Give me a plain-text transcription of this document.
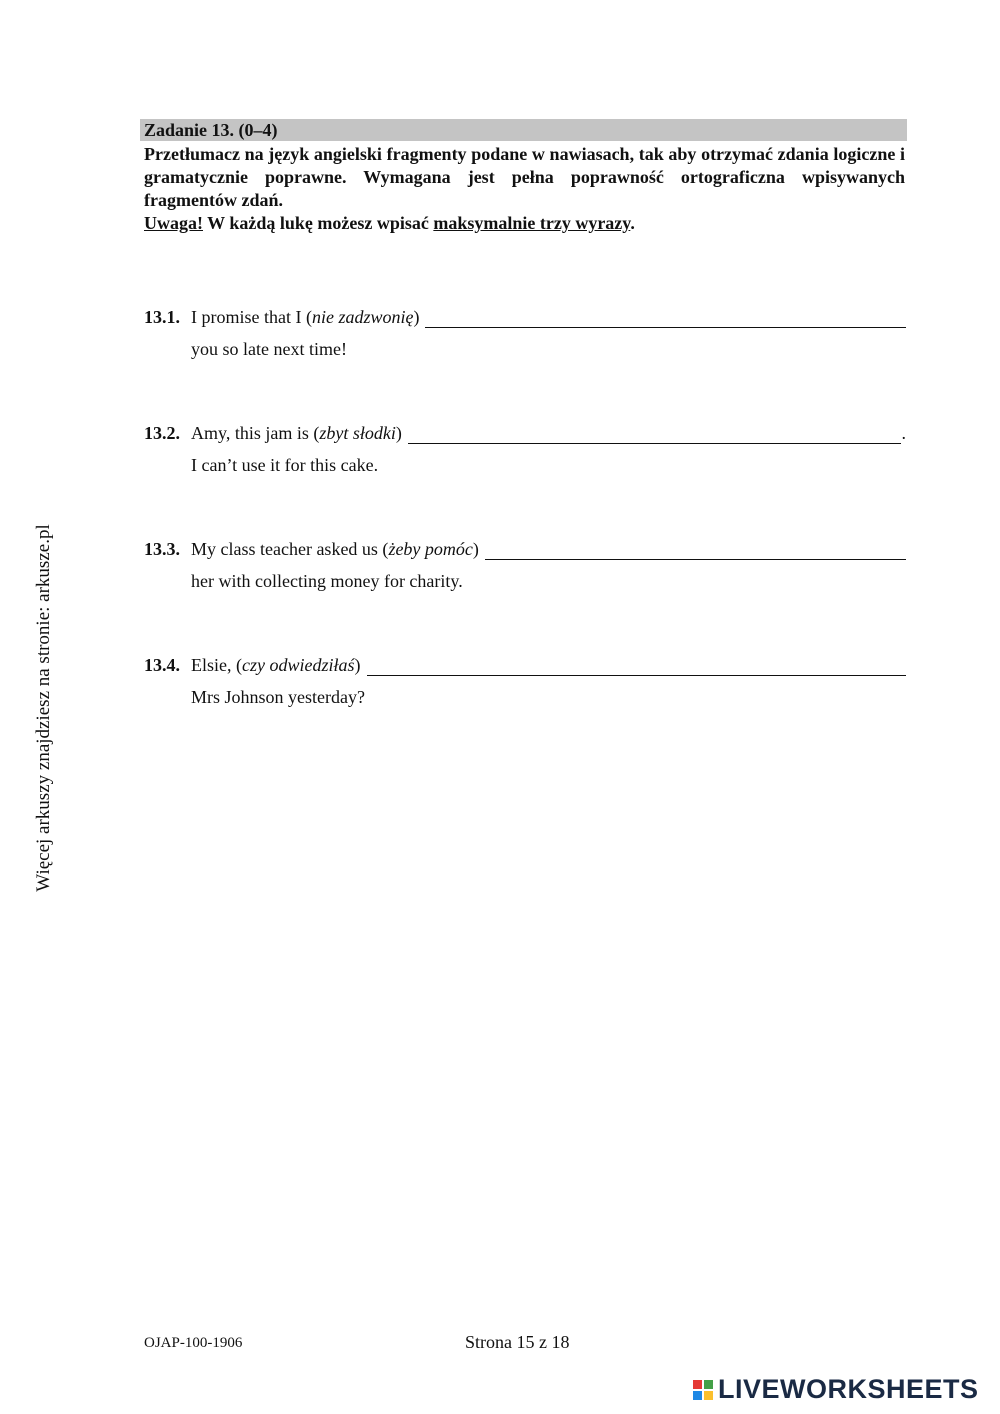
Więcej arkuszy znajdziesz na stronie: arkusze.pl
Zadanie 13. (0–4)

Przetłumacz na język angielski fragmenty podane w nawiasach, tak aby otrzymać zdania logiczne i gramatycznie poprawne. Wymagana jest pełna poprawność ortograficzna wpisywanych fragmentów zdań.

Uwaga! W każdą lukę możesz wpisać maksymalnie trzy wyrazy.

13.1. I promise that I (nie zadzwonię)
you so late next time!
13.2. Amy, this jam is (zbyt słodki)	.
I can’t use it for this cake.
13.3. My class teacher asked us (żeby pomóc)
her with collecting money for charity.
13.4. Elsie, (czy odwiedziłaś)
Mrs Johnson yesterday?
OJAP-100-1906	Strona 15 z 18
LIVEWORKSHEETS
